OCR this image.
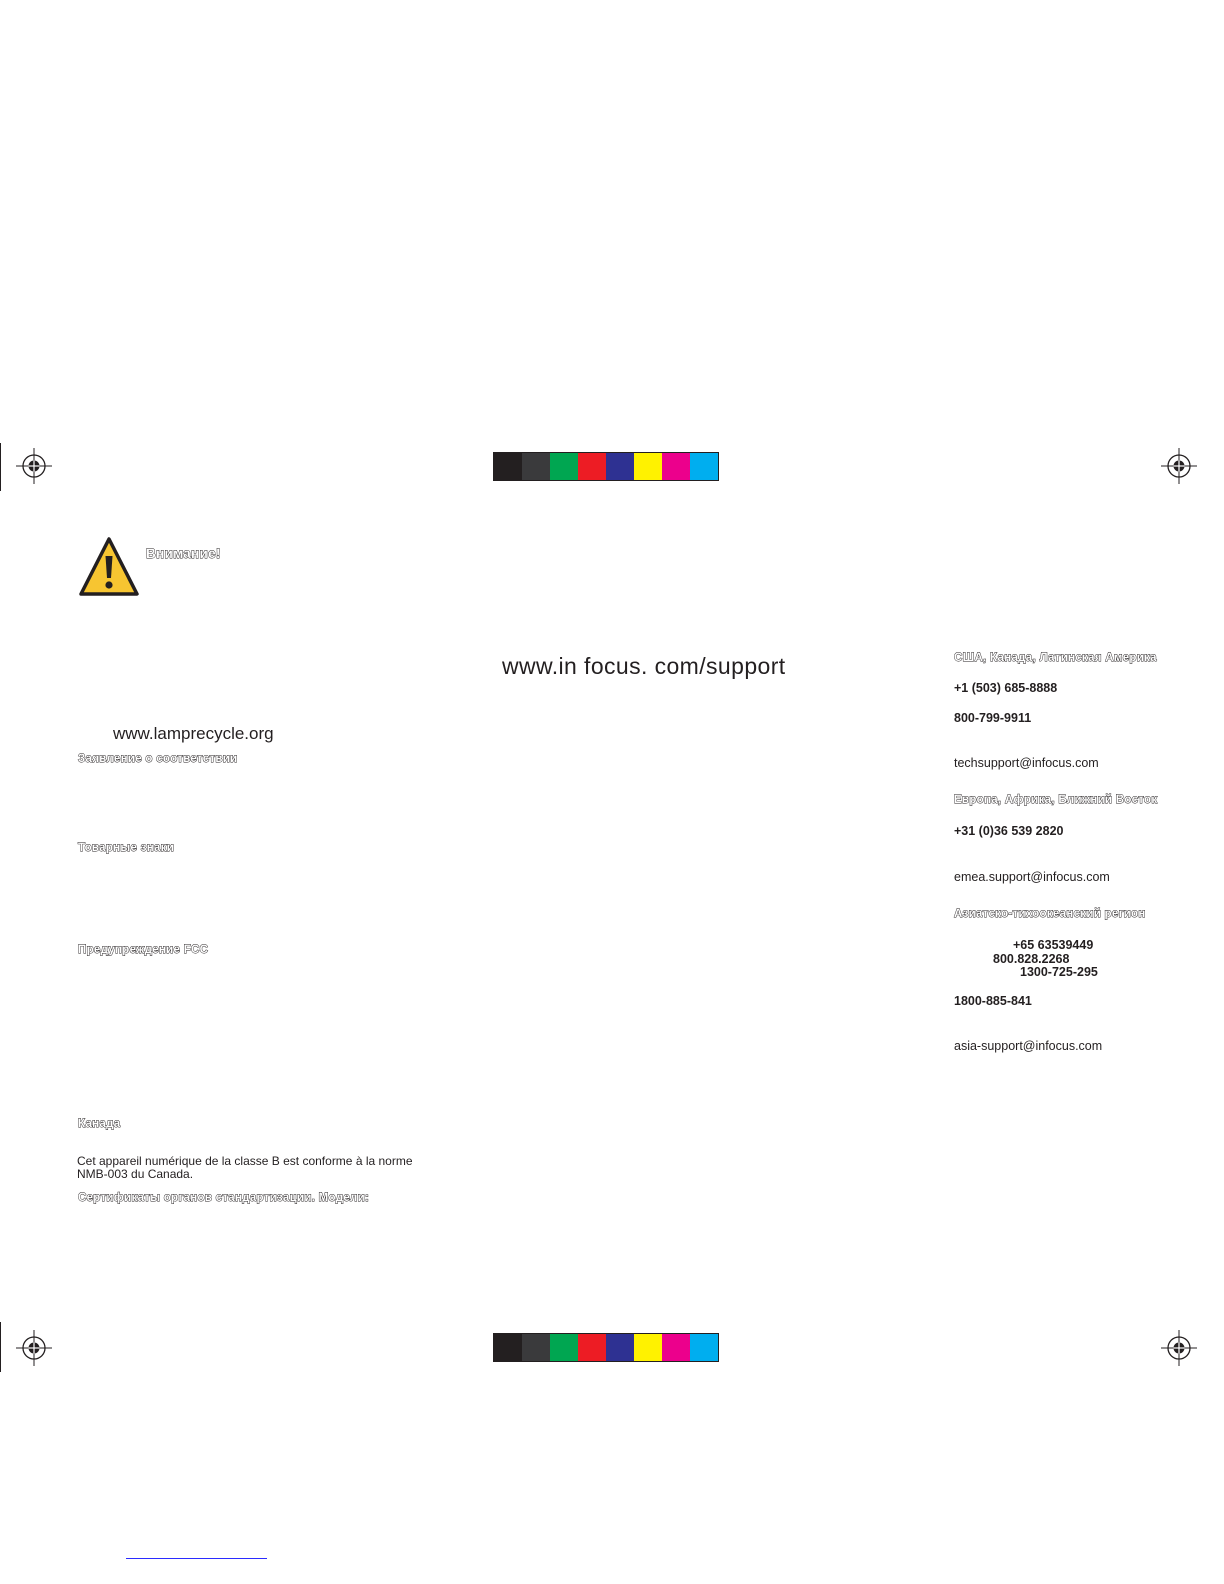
Внимание!
www.lamprecycle.org
Заявление о соответствии
Товарные знаки
Предупреждение FCC
Канада
Cet appareil numérique de la classe B est conforme à la norme
NMB-003 du Canada.
Сертификаты органов стандартизации. Модели:
www.in focus. com/support	США, Канада, Латинская Америка
+1 (503) 685-8888
800-799-9911
techsupport@infocus.com
Европа, Африка, Ближний Восток
+31 (0)36 539 2820
emea.support@infocus.com
Азиатско-тихоокеанский регион
+65 63539449
800.828.2268
1300-725-295
1800-885-841
asia-support@infocus.com
